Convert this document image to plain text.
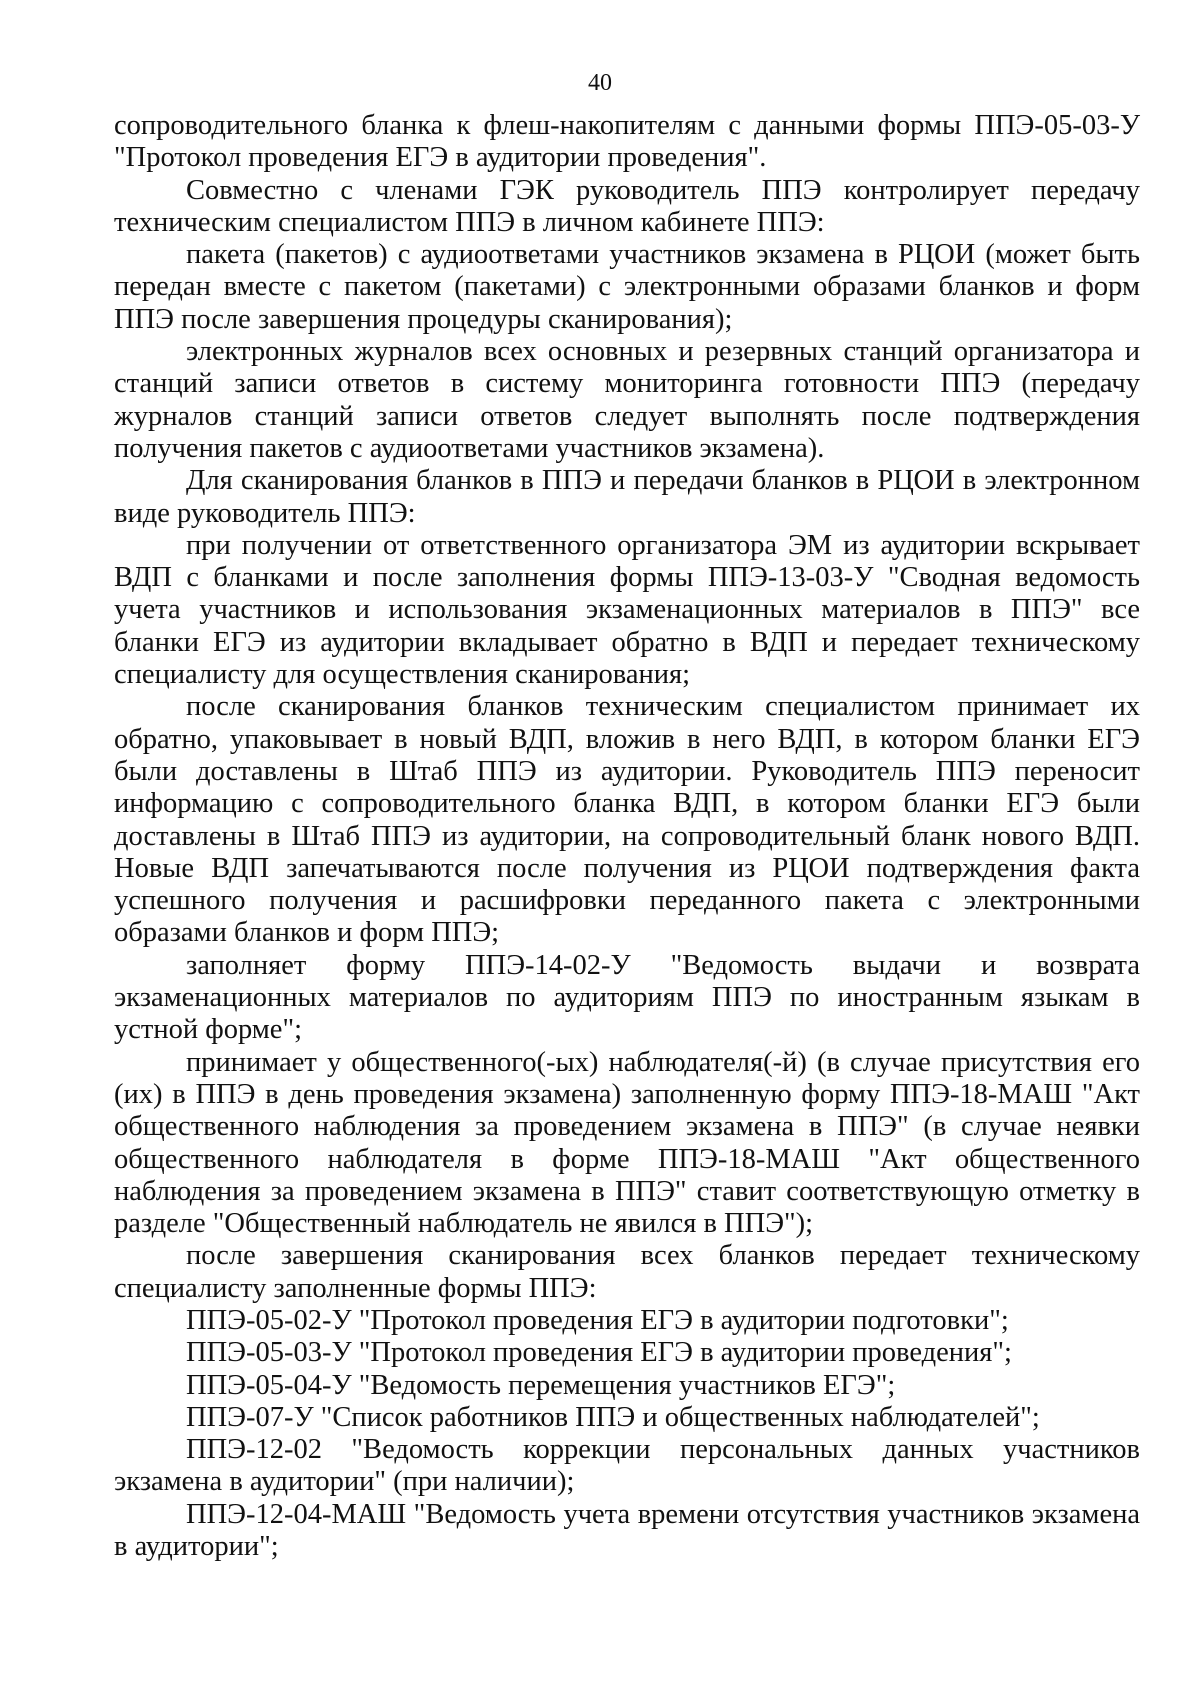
40

сопроводительного бланка к флеш-накопителям с данными формы ППЭ-05-03-У "Протокол проведения ЕГЭ в аудитории проведения".

Совместно с членами ГЭК руководитель ППЭ контролирует передачу техническим специалистом ППЭ в личном кабинете ППЭ:

пакета (пакетов) с аудиоответами участников экзамена в РЦОИ (может быть передан вместе с пакетом (пакетами) с электронными образами бланков и форм ППЭ после завершения процедуры сканирования);

электронных журналов всех основных и резервных станций организатора и станций записи ответов в систему мониторинга готовности ППЭ (передачу журналов станций записи ответов следует выполнять после подтверждения получения пакетов с аудиоответами участников экзамена).

Для сканирования бланков в ППЭ и передачи бланков в РЦОИ в электронном виде руководитель ППЭ:

при получении от ответственного организатора ЭМ из аудитории вскрывает ВДП с бланками и после заполнения формы ППЭ-13-03-У "Сводная ведомость учета участников и использования экзаменационных материалов в ППЭ" все бланки ЕГЭ из аудитории вкладывает обратно в ВДП и передает техническому специалисту для осуществления сканирования;

после сканирования бланков техническим специалистом принимает их обратно, упаковывает в новый ВДП, вложив в него ВДП, в котором бланки ЕГЭ были доставлены в Штаб ППЭ из аудитории. Руководитель ППЭ переносит информацию с сопроводительного бланка ВДП, в котором бланки ЕГЭ были доставлены в Штаб ППЭ из аудитории, на сопроводительный бланк нового ВДП. Новые ВДП запечатываются после получения из РЦОИ подтверждения факта успешного получения и расшифровки переданного пакета с электронными образами бланков и форм ППЭ;

заполняет форму ППЭ-14-02-У "Ведомость выдачи и возврата экзаменационных материалов по аудиториям ППЭ по иностранным языкам в устной форме";

принимает у общественного(-ых) наблюдателя(-й) (в случае присутствия его (их) в ППЭ в день проведения экзамена) заполненную форму ППЭ-18-МАШ "Акт общественного наблюдения за проведением экзамена в ППЭ" (в случае неявки общественного наблюдателя в форме ППЭ-18-МАШ "Акт общественного наблюдения за проведением экзамена в ППЭ" ставит соответствующую отметку в разделе "Общественный наблюдатель не явился в ППЭ");

после завершения сканирования всех бланков передает техническому специалисту заполненные формы ППЭ:

ППЭ-05-02-У "Протокол проведения ЕГЭ в аудитории подготовки";

ППЭ-05-03-У "Протокол проведения ЕГЭ в аудитории проведения";

ППЭ-05-04-У "Ведомость перемещения участников ЕГЭ";

ППЭ-07-У "Список работников ППЭ и общественных наблюдателей";

ППЭ-12-02 "Ведомость коррекции персональных данных участников экзамена в аудитории" (при наличии);

ППЭ-12-04-МАШ "Ведомость учета времени отсутствия участников экзамена в аудитории";
